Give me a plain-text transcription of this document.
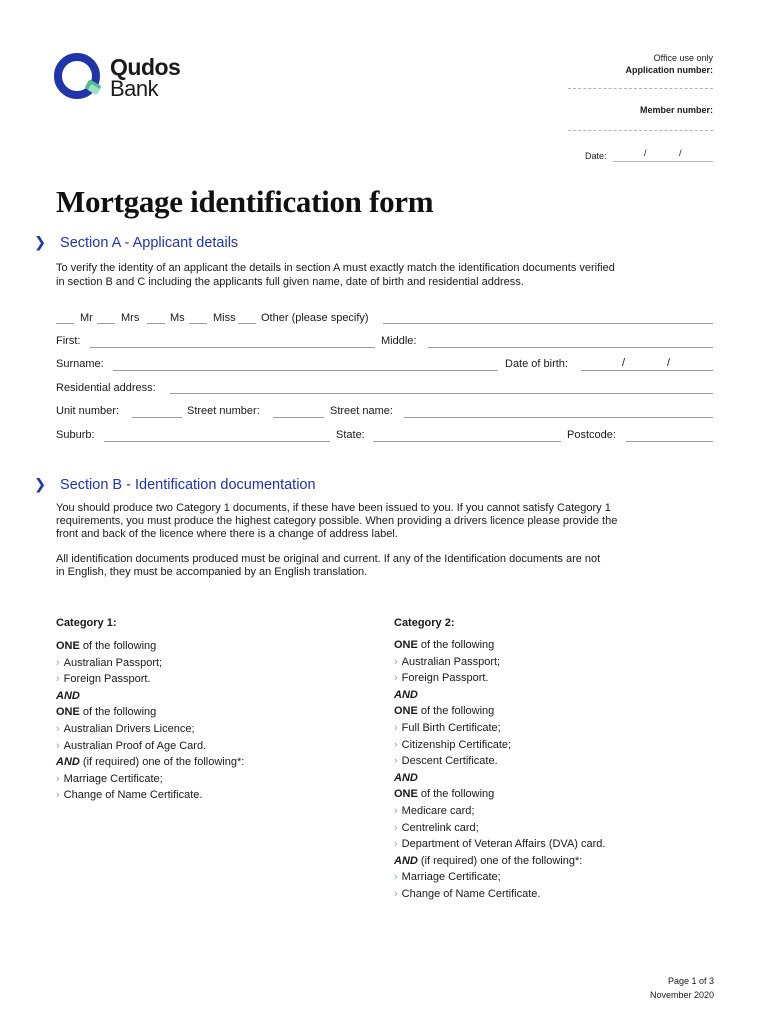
Qudos
Bank
Office use only
Application number:
Member number:
Date:	/	/
Mortgage identification form
❯ Section A - Applicant details
To verify the identity of an applicant the details in section A must exactly match the identification documents verified
in section B and C including the applicants full given name, date of birth and residential address.
Mr	Mrs	Ms	Miss Other (please specify)
First:	Middle:
Surname:	Date of birth:	/	/
Residential address:
Unit number:	Street number:	Street name:
Suburb:	State:	Postcode:
❯ Section B - Identification documentation
You should produce two Category 1 documents, if these have been issued to you. If you cannot satisfy Category 1
requirements, you must produce the highest category possible. When providing a drivers licence please provide the
front and back of the licence where there is a change of address label.
All identification documents produced must be original and current. If any of the Identification documents are not
in English, they must be accompanied by an English translation.
Category 1:
ONE of the following
› Australian Passport;
› Foreign Passport.
AND
ONE of the following
› Australian Drivers Licence;
› Australian Proof of Age Card.
AND (if required) one of the following*:
› Marriage Certificate;
› Change of Name Certificate.
Category 2:
ONE of the following
› Australian Passport;
› Foreign Passport.
AND
ONE of the following
› Full Birth Certificate;
› Citizenship Certificate;
› Descent Certificate.
AND
ONE of the following
› Medicare card;
› Centrelink card;
› Department of Veteran Affairs (DVA) card.
AND (if required) one of the following*:
› Marriage Certificate;
› Change of Name Certificate.
Page 1 of 3
November 2020
